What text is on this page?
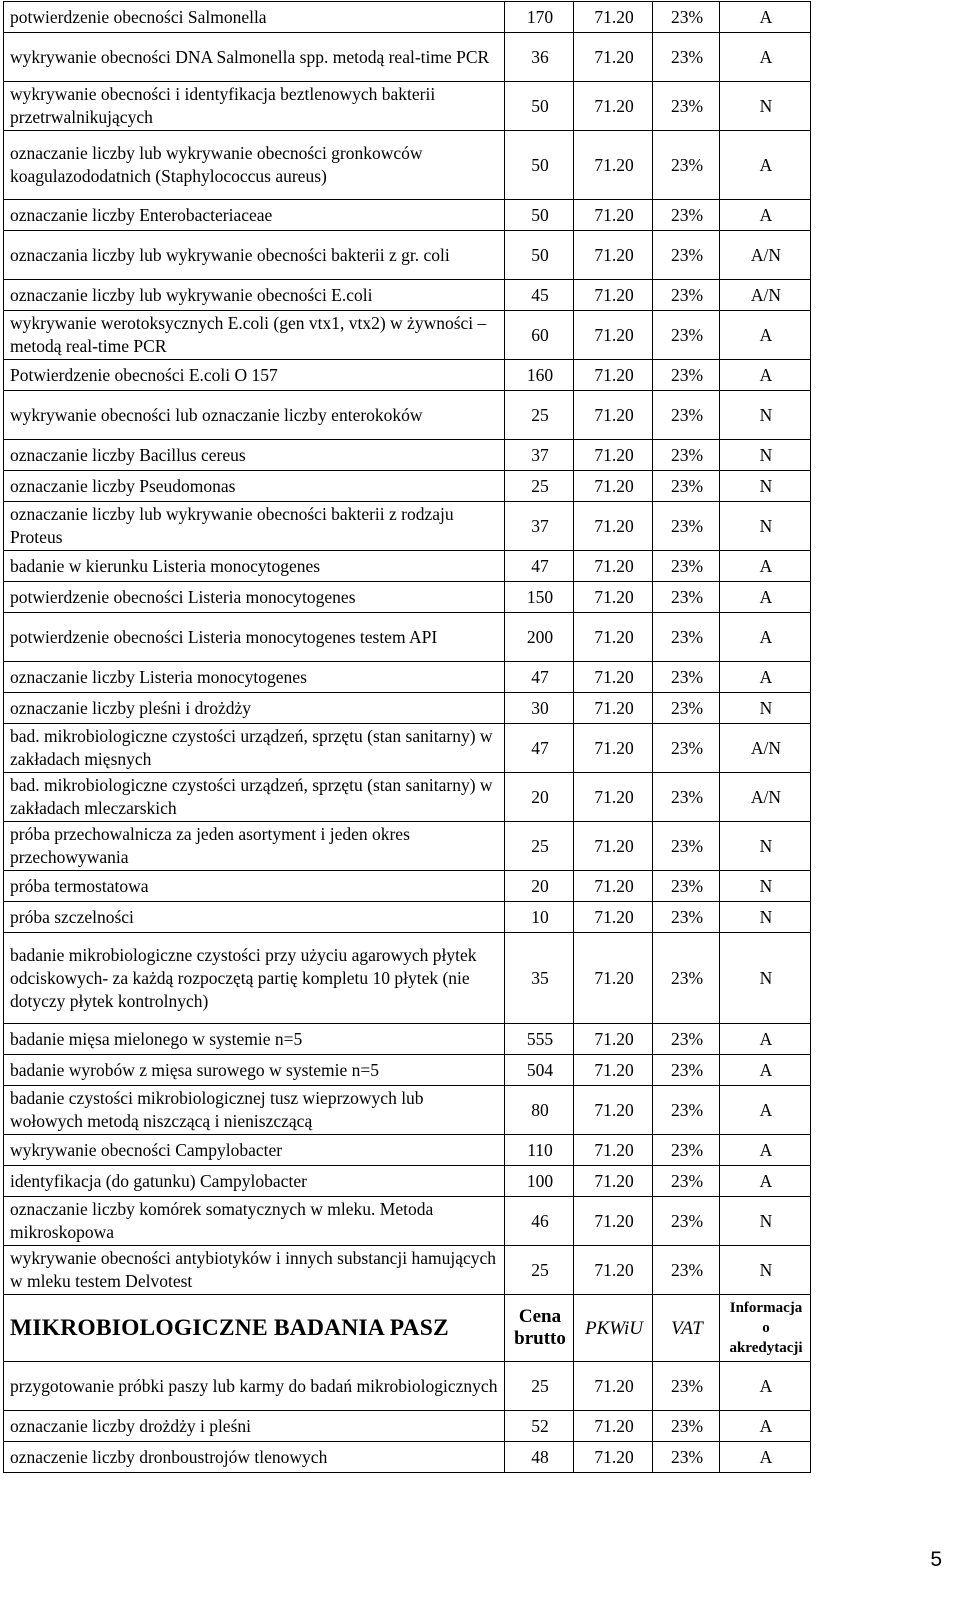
potwierdzenie obecności Salmonella	170	71.20	23%	A
wykrywanie obecności DNA Salmonella spp. metodą real-time PCR	36	71.20	23%	A
wykrywanie obecności i identyfikacja beztlenowych bakterii przetrwalnikujących	50	71.20	23%	N
oznaczanie liczby lub wykrywanie obecności gronkowców koagulazododatnich (Staphylococcus aureus)	50	71.20	23%	A
oznaczanie liczby Enterobacteriaceae	50	71.20	23%	A
oznaczania liczby lub wykrywanie obecności bakterii z gr. coli	50	71.20	23%	A/N
oznaczanie liczby lub wykrywanie obecności E.coli	45	71.20	23%	A/N
wykrywanie werotoksycznych E.coli (gen vtx1, vtx2) w żywności – metodą real-time PCR	60	71.20	23%	A
Potwierdzenie obecności E.coli O 157	160	71.20	23%	A
wykrywanie obecności lub oznaczanie liczby enterokoków	25	71.20	23%	N
oznaczanie liczby Bacillus cereus	37	71.20	23%	N
oznaczanie liczby Pseudomonas	25	71.20	23%	N
oznaczanie liczby lub wykrywanie obecności bakterii z rodzaju Proteus	37	71.20	23%	N
badanie w kierunku Listeria monocytogenes	47	71.20	23%	A
potwierdzenie obecności Listeria monocytogenes	150	71.20	23%	A
potwierdzenie obecności Listeria monocytogenes testem API	200	71.20	23%	A
oznaczanie liczby Listeria monocytogenes	47	71.20	23%	A
oznaczanie liczby pleśni i drożdży	30	71.20	23%	N
bad. mikrobiologiczne czystości urządzeń, sprzętu (stan sanitarny) w zakładach mięsnych	47	71.20	23%	A/N
bad. mikrobiologiczne czystości urządzeń, sprzętu (stan sanitarny) w zakładach mleczarskich	20	71.20	23%	A/N
próba przechowalnicza za jeden asortyment i jeden okres przechowywania	25	71.20	23%	N
próba termostatowa	20	71.20	23%	N
próba szczelności	10	71.20	23%	N
badanie mikrobiologiczne czystości przy użyciu agarowych płytek odciskowych- za każdą rozpoczętą partię kompletu 10 płytek (nie dotyczy płytek kontrolnych)	35	71.20	23%	N
badanie mięsa mielonego w systemie n=5	555	71.20	23%	A
badanie wyrobów z mięsa surowego w systemie n=5	504	71.20	23%	A
badanie czystości mikrobiologicznej tusz wieprzowych lub wołowych metodą niszczącą i nieniszczącą	80	71.20	23%	A
wykrywanie obecności Campylobacter	110	71.20	23%	A
identyfikacja (do gatunku) Campylobacter	100	71.20	23%	A
oznaczanie liczby komórek somatycznych w mleku. Metoda mikroskopowa	46	71.20	23%	N
wykrywanie obecności antybiotyków i innych substancji hamujących w mleku testem Delvotest	25	71.20	23%	N
MIKROBIOLOGICZNE BADANIA PASZ	Cena brutto	PKWiU	VAT	Informacja o akredytacji
przygotowanie próbki paszy lub karmy do badań mikrobiologicznych	25	71.20	23%	A
oznaczanie liczby drożdży i pleśni	52	71.20	23%	A
oznaczenie liczby dronboustrojów tlenowych	48	71.20	23%	A
5
